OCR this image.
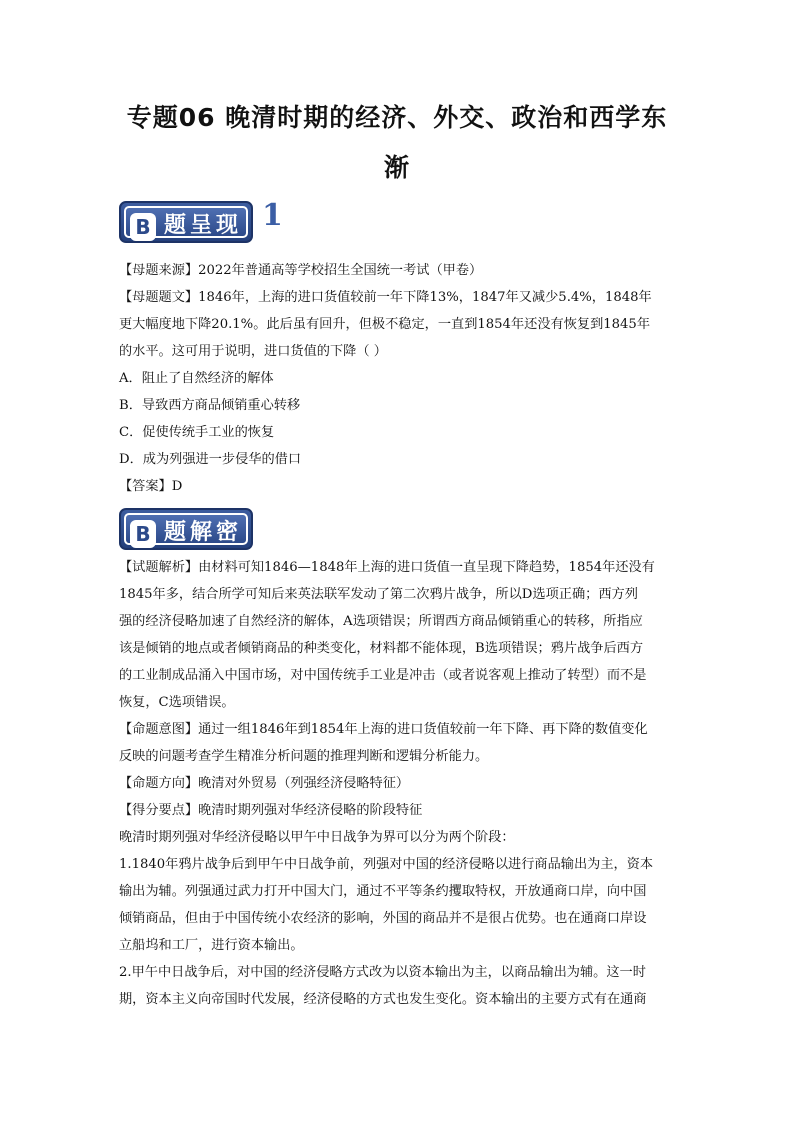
专题06 晚清时期的经济、外交、政治和西学东
渐
B 题呈现 1
【母题来源】2022年普通高等学校招生全国统一考试（甲卷）
【母题题文】1846年，上海的进口货值较前一年下降13%，1847年又减少5.4%，1848年
更大幅度地下降20.1%。此后虽有回升，但极不稳定，一直到1854年还没有恢复到1845年
的水平。这可用于说明，进口货值的下降（ ）
A．阻止了自然经济的解体
B．导致西方商品倾销重心转移
C．促使传统手工业的恢复
D．成为列强进一步侵华的借口
【答案】D
B 题解密
【试题解析】由材料可知1846—1848年上海的进口货值一直呈现下降趋势，1854年还没有
1845年多，结合所学可知后来英法联军发动了第二次鸦片战争，所以D选项正确；西方列
强的经济侵略加速了自然经济的解体，A选项错误；所谓西方商品倾销重心的转移，所指应
该是倾销的地点或者倾销商品的种类变化，材料都不能体现，B选项错误；鸦片战争后西方
的工业制成品涌入中国市场，对中国传统手工业是冲击（或者说客观上推动了转型）而不是
恢复，C选项错误。
【命题意图】通过一组1846年到1854年上海的进口货值较前一年下降、再下降的数值变化
反映的问题考查学生精准分析问题的推理判断和逻辑分析能力。
【命题方向】晚清对外贸易（列强经济侵略特征）
【得分要点】晚清时期列强对华经济侵略的阶段特征
晚清时期列强对华经济侵略以甲午中日战争为界可以分为两个阶段：
1.1840年鸦片战争后到甲午中日战争前，列强对中国的经济侵略以进行商品输出为主，资本
输出为辅。列强通过武力打开中国大门，通过不平等条约攫取特权，开放通商口岸，向中国
倾销商品，但由于中国传统小农经济的影响，外国的商品并不是很占优势。也在通商口岸设
立船坞和工厂，进行资本输出。
2.甲午中日战争后，对中国的经济侵略方式改为以资本输出为主，以商品输出为辅。这一时
期，资本主义向帝国时代发展，经济侵略的方式也发生变化。资本输出的主要方式有在通商
